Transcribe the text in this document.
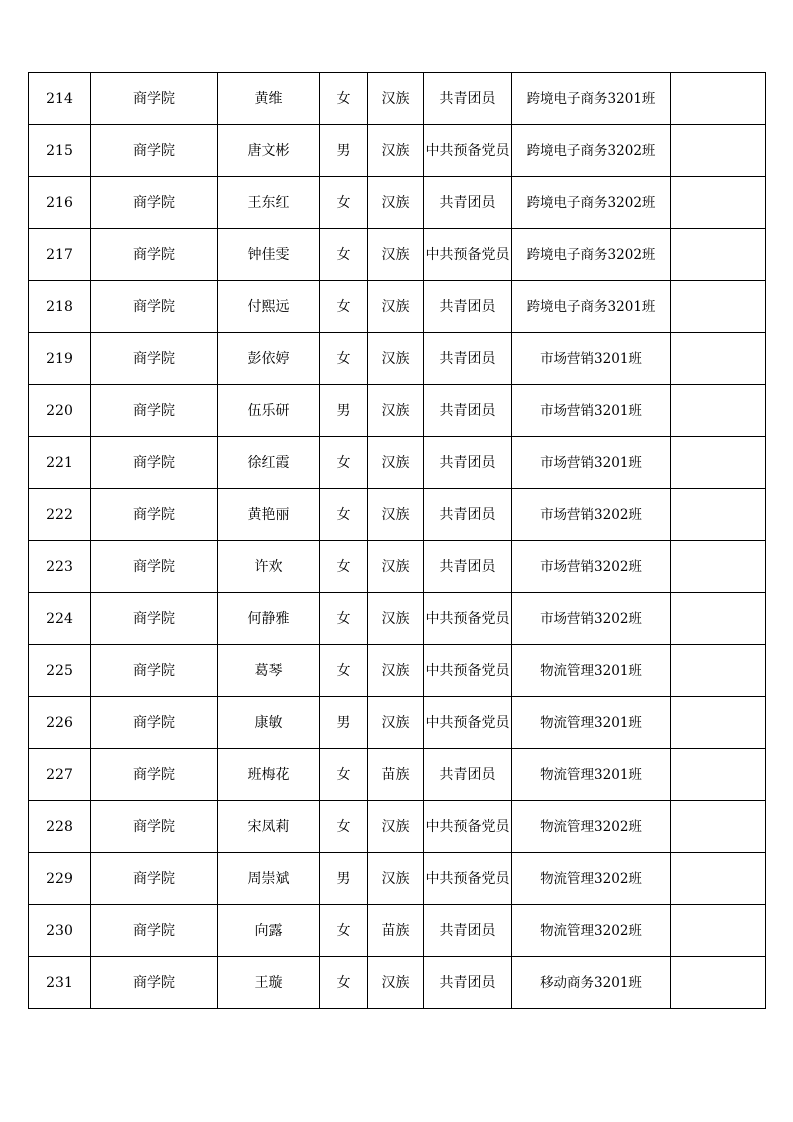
214	商学院	黄维	女	汉族	共青团员	跨境电子商务3201班	
215	商学院	唐文彬	男	汉族	中共预备党员	跨境电子商务3202班	
216	商学院	王东红	女	汉族	共青团员	跨境电子商务3202班	
217	商学院	钟佳雯	女	汉族	中共预备党员	跨境电子商务3202班	
218	商学院	付熙远	女	汉族	共青团员	跨境电子商务3201班	
219	商学院	彭依婷	女	汉族	共青团员	市场营销3201班	
220	商学院	伍乐研	男	汉族	共青团员	市场营销3201班	
221	商学院	徐红霞	女	汉族	共青团员	市场营销3201班	
222	商学院	黄艳丽	女	汉族	共青团员	市场营销3202班	
223	商学院	许欢	女	汉族	共青团员	市场营销3202班	
224	商学院	何静雅	女	汉族	中共预备党员	市场营销3202班	
225	商学院	葛琴	女	汉族	中共预备党员	物流管理3201班	
226	商学院	康敏	男	汉族	中共预备党员	物流管理3201班	
227	商学院	班梅花	女	苗族	共青团员	物流管理3201班	
228	商学院	宋凤莉	女	汉族	中共预备党员	物流管理3202班	
229	商学院	周崇斌	男	汉族	中共预备党员	物流管理3202班	
230	商学院	向露	女	苗族	共青团员	物流管理3202班	
231	商学院	王璇	女	汉族	共青团员	移动商务3201班	
